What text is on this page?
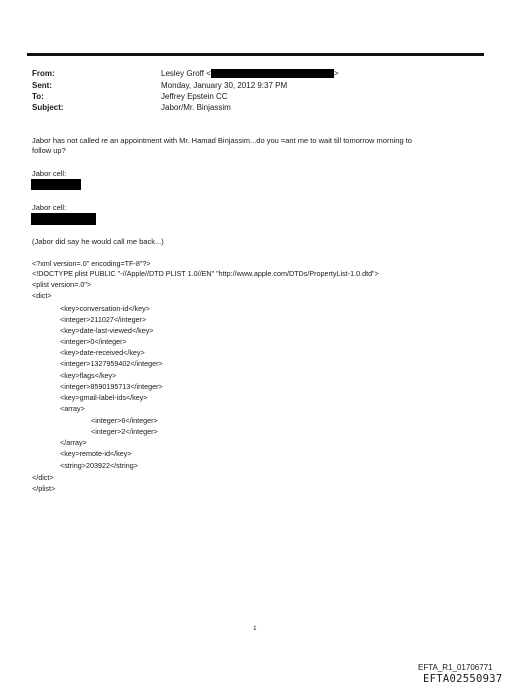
From:	Lesley Groff <	>
Sent:	Monday, January 30, 2012 9:37 PM
To:	Jeffrey Epstein CC
Subject:	Jabor/Mr. Binjassim
Jabor has not called re an appointment with Mr. Hamad Binjassim...do you =ant me to wait till tomorrow morning to
follow up?
Jabor cell:
Jabor cell:
(Jabor did say he would call me back...)
<?xml version=.0" encoding=TF-8"?>
<!DOCTYPE plist PUBLIC "-//Apple//DTD PLIST 1.0//EN" "http://www.apple.com/DTDs/PropertyList-1.0.dtd">
<plist version=.0">
<dict>
<key>conversation-id</key>
<integer>211027</integer>
<key>date-last-viewed</key>
<integer>0</integer>
<key>date-received</key>
<integer>1327959402</integer>
<key>flags</key>
<integer>8590195713</integer>
<key>gmail-label-ids</key>
<array>
<integer>6</integer>
<integer>2</integer>
</array>
<key>remote-id</key>
<string>203922</string>
</dict>
</plist>
1
EFTA_R1_01706771
EFTA02550937
